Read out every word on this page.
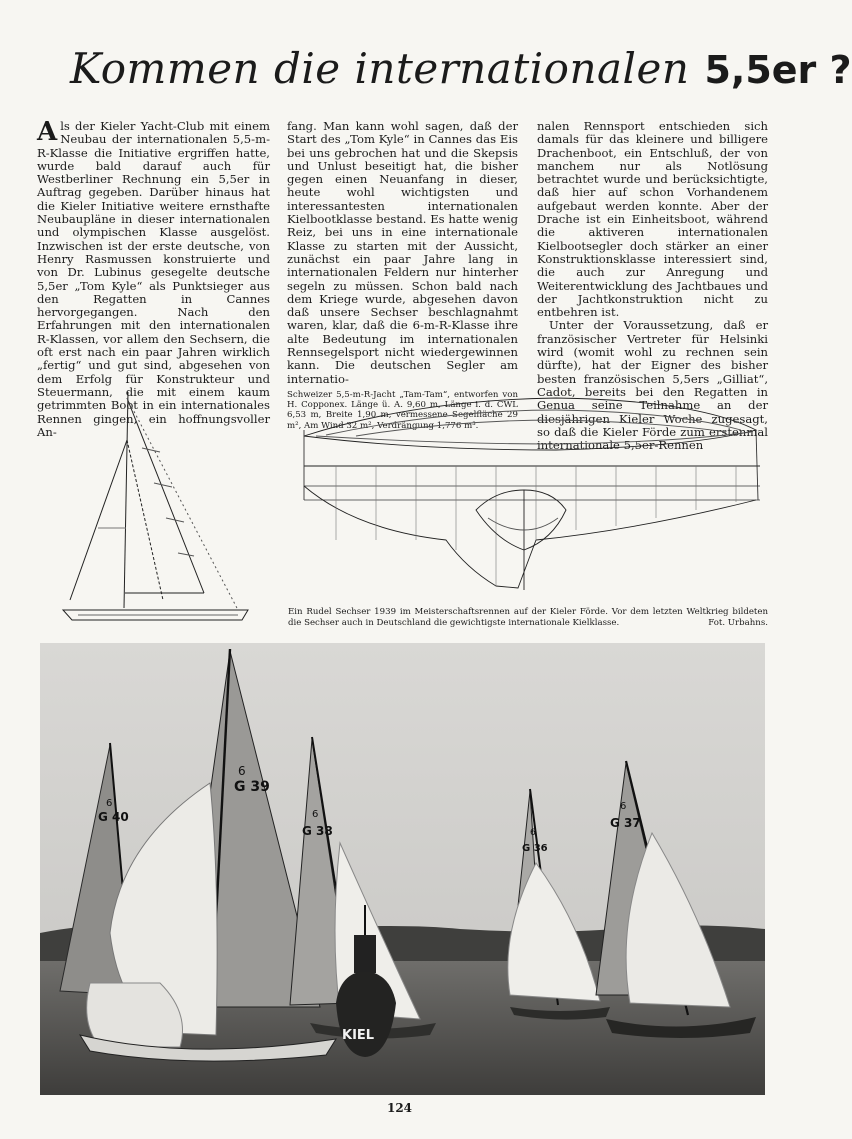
Kommen die internationalen 5,5er ?

Als der Kieler Yacht-Club mit einem Neubau der internationalen 5,5-m-R-Klasse die Initiative ergriffen hatte, wurde bald darauf auch für Westberliner Rechnung ein 5,5er in Auftrag gegeben. Darüber hinaus hat die Kieler Initiative weitere ernsthafte Neubaupläne in dieser internationalen und olympischen Klasse ausgelöst. Inzwischen ist der erste deutsche, von Henry Rasmussen konstruierte und von Dr. Lubinus gesegelte deutsche 5,5er „Tom Kyle“ als Punktsieger aus den Regatten in Cannes hervorgegangen. Nach den Erfahrungen mit den internationalen R-Klassen, vor allem den Sechsern, die oft erst nach ein paar Jahren wirklich „fertig“ und gut sind, abgesehen von dem Erfolg für Konstrukteur und Steuermann, die mit einem kaum getrimmten Boot in ein internationales Rennen gingen, ein hoffnungsvoller An-

fang. Man kann wohl sagen, daß der Start des „Tom Kyle“ in Cannes das Eis bei uns gebrochen hat und die Skepsis und Unlust beseitigt hat, die bisher gegen einen Neuanfang in dieser, heute wohl wichtigsten und interessantesten internationalen Kielbootklasse bestand. Es hatte wenig Reiz, bei uns in eine internationale Klasse zu starten mit der Aussicht, zunächst ein paar Jahre lang in internationalen Feldern nur hinterher segeln zu müssen. Schon bald nach dem Kriege wurde, abgesehen davon daß unsere Sechser beschlagnahmt waren, klar, daß die 6-m-R-Klasse ihre alte Bedeutung im internationalen Rennsegelsport nicht wiedergewinnen kann. Die deutschen Segler am internatio-

Schweizer 5,5-m-R-Jacht „Tam-Tam“, entworfen von H. Copponex. Länge ü. A. 9,60 m, Länge i. d. CWL 6,53 m, Breite 1,90 m, vermessene Segelfläche 29 m², Am Wind 32 m², Verdrängung 1,776 m³.

nalen Rennsport entschieden sich damals für das kleinere und billigere Drachenboot, ein Entschluß, der von manchem nur als Notlösung betrachtet wurde und berücksichtigte, daß hier auf schon Vorhandenem aufgebaut werden konnte. Aber der Drache ist ein Einheitsboot, während die aktiveren internationalen Kielbootsegler doch stärker an einer Konstruktionsklasse interessiert sind, die auch zur Anregung und Weiterentwicklung des Jachtbaues und der Jachtkonstruktion nicht zu entbehren ist.

Unter der Voraussetzung, daß er französischer Vertreter für Helsinki wird (womit wohl zu rechnen sein dürfte), hat der Eigner des bisher besten französischen 5,5ers „Gilliat“, Cadot, bereits bei den Regatten in Genua seine Teilnahme an der diesjährigen Kieler Woche zugesagt, so daß die Kieler Förde zum erstenmal internationale 5,5er-Rennen

Ein Rudel Sechser 1939 im Meisterschaftsrennen auf der Kieler Förde. Vor dem letzten Weltkrieg bildeten die Sechser auch in Deutschland die gewichtigste internationale Kielklasse.	Fot. Urbahns.
G 40
6
G 39
6
G 38
6
KIEL
G 36
6
G 37
6
124
